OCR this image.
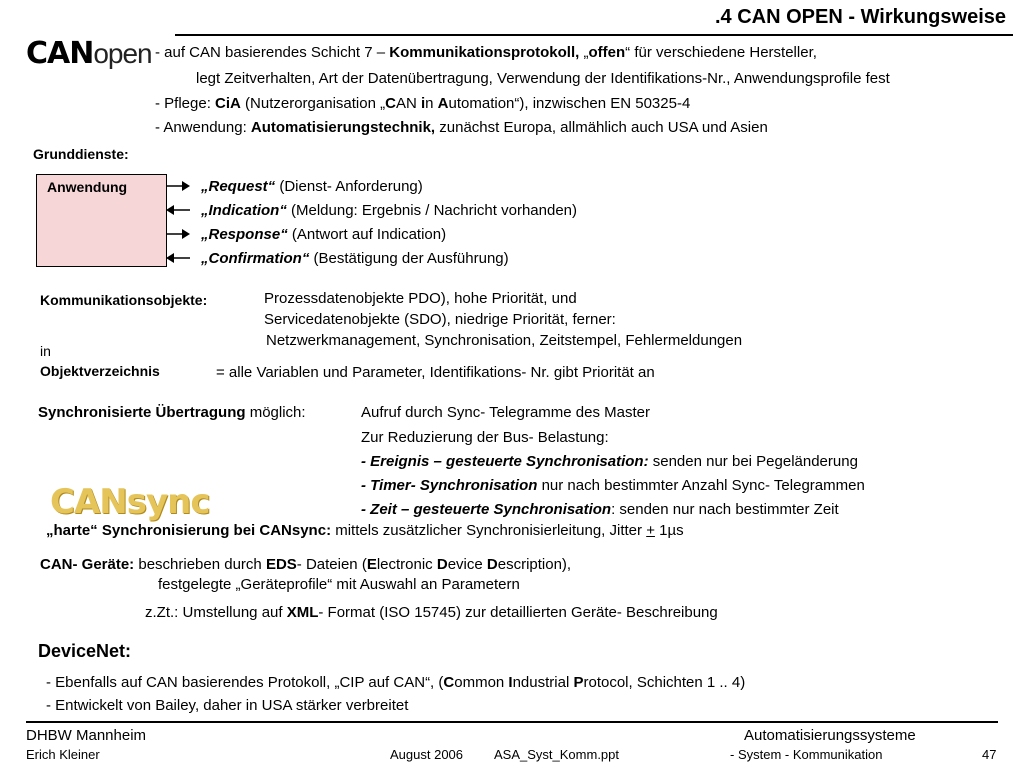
.4 CAN OPEN - Wirkungsweise
CANopen - auf CAN basierendes Schicht 7 – Kommunikationsprotokoll, „offen“ für verschiedene Hersteller,
legt Zeitverhalten, Art der Datenübertragung, Verwendung der Identifikations-Nr., Anwendungsprofile fest
- Pflege: CiA (Nutzerorganisation „CAN in Automation“), inzwischen EN 50325-4
- Anwendung: Automatisierungstechnik, zunächst Europa, allmählich auch USA und Asien
Grunddienste:
Anwendung	„Request“ (Dienst- Anforderung)
„Indication“ (Meldung: Ergebnis / Nachricht vorhanden)
„Response“ (Antwort auf Indication)
„Confirmation“ (Bestätigung der Ausführung)
Kommunikationsobjekte:	Prozessdatenobjekte PDO), hohe Priorität, und
Servicedatenobjekte (SDO), niedrige Priorität, ferner:
Netzwerkmanagement, Synchronisation, Zeitstempel, Fehlermeldungen
in
Objektverzeichnis	= alle Variablen und Parameter, Identifikations- Nr. gibt Priorität an
Synchronisierte Übertragung möglich:	Aufruf durch Sync- Telegramme des Master
Zur Reduzierung der Bus- Belastung:
- Ereignis – gesteuerte Synchronisation: senden nur bei Pegeländerung
- Timer- Synchronisation nur nach bestimmter Anzahl Sync- Telegrammen
- Zeit – gesteuerte Synchronisation: senden nur nach bestimmter Zeit
CANsync
„harte“ Synchronisierung bei CANsync: mittels zusätzlicher Synchronisierleitung, Jitter + 1µs
CAN- Geräte: beschrieben durch EDS- Dateien (Electronic Device Description),
festgelegte „Geräteprofile“ mit Auswahl an Parametern
z.Zt.: Umstellung auf XML- Format (ISO 15745) zur detaillierten Geräte- Beschreibung
DeviceNet:
- Ebenfalls auf CAN basierendes Protokoll, „CIP auf CAN“, (Common Industrial Protocol, Schichten 1 .. 4)
- Entwickelt von Bailey, daher in USA stärker verbreitet
DHBW Mannheim
Erich Kleiner	August 2006 ASA_Syst_Komm.ppt
Automatisierungssysteme
- System - Kommunikation	47
